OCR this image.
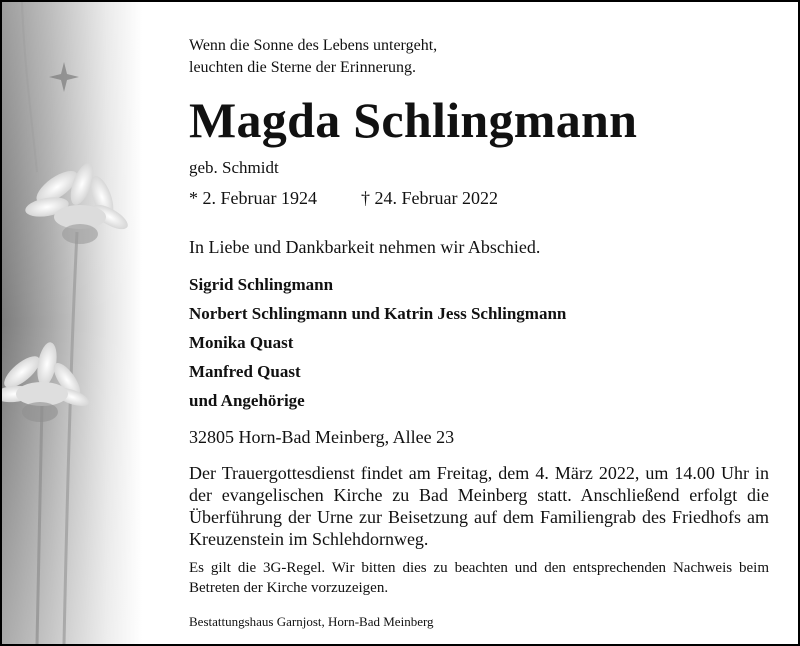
Wenn die Sonne des Lebens untergeht,
leuchten die Sterne der Erinnerung.
Magda Schlingmann
geb. Schmidt
* 2. Februar 1924 † 24. Februar 2022
In Liebe und Dankbarkeit nehmen wir Abschied.
Sigrid Schlingmann
Norbert Schlingmann und Katrin Jess Schlingmann
Monika Quast
Manfred Quast
und Angehörige
32805 Horn-Bad Meinberg, Allee 23
Der Trauergottesdienst findet am Freitag, dem 4. März 2022, um 14.00 Uhr in der evangelischen Kirche zu Bad Meinberg statt. Anschließend erfolgt die Überführung der Urne zur Beisetzung auf dem Familiengrab des Friedhofs am Kreuzenstein im Schlehdornweg.
Es gilt die 3G-Regel. Wir bitten dies zu beachten und den entsprechenden Nachweis beim Betreten der Kirche vorzuzeigen.
Bestattungshaus Garnjost, Horn-Bad Meinberg
